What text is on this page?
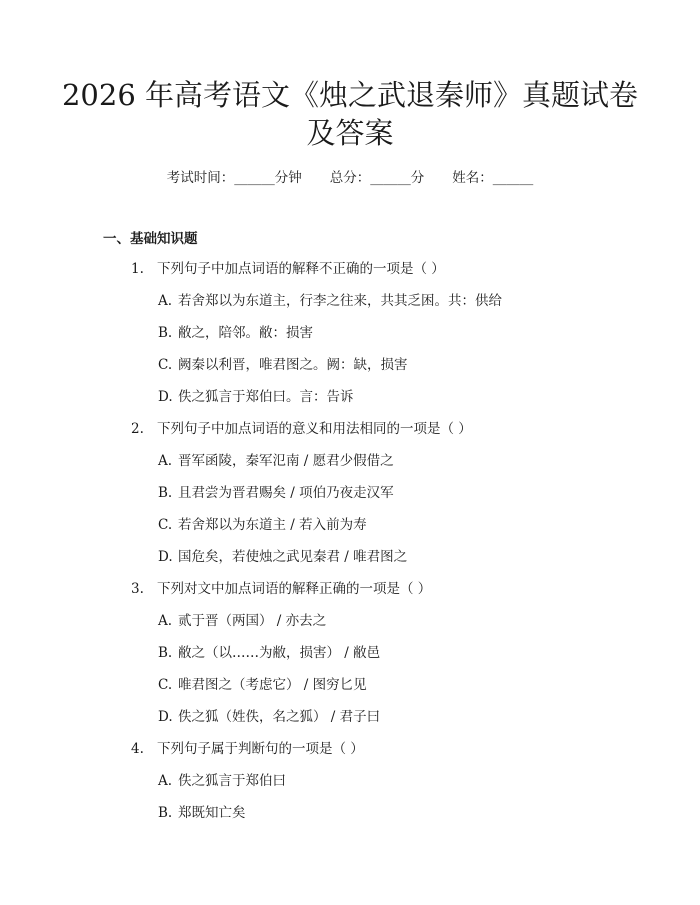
2026 年高考语文《烛之武退秦师》真题试卷
及答案
考试时间：______分钟 总分：______分 姓名：______
一、基础知识题
1. 下列句子中加点词语的解释不正确的一项是（ ）
A. 若舍郑以为东道主，行李之往来，共其乏困。共：供给
B. 敝之，陪邻。敝：损害
C. 阙秦以利晋，唯君图之。阙：缺，损害
D. 佚之狐言于郑伯曰。言：告诉
2. 下列句子中加点词语的意义和用法相同的一项是（ ）
A. 晋军函陵，秦军氾南 / 愿君少假借之
B. 且君尝为晋君赐矣 / 项伯乃夜走汉军
C. 若舍郑以为东道主 / 若入前为寿
D. 国危矣，若使烛之武见秦君 / 唯君图之
3. 下列对文中加点词语的解释正确的一项是（ ）
A. 贰于晋（两国） / 亦去之
B. 敝之（以……为敝，损害） / 敝邑
C. 唯君图之（考虑它） / 图穷匕见
D. 佚之狐（姓佚，名之狐） / 君子曰
4. 下列句子属于判断句的一项是（ ）
A. 佚之狐言于郑伯曰
B. 郑既知亡矣
